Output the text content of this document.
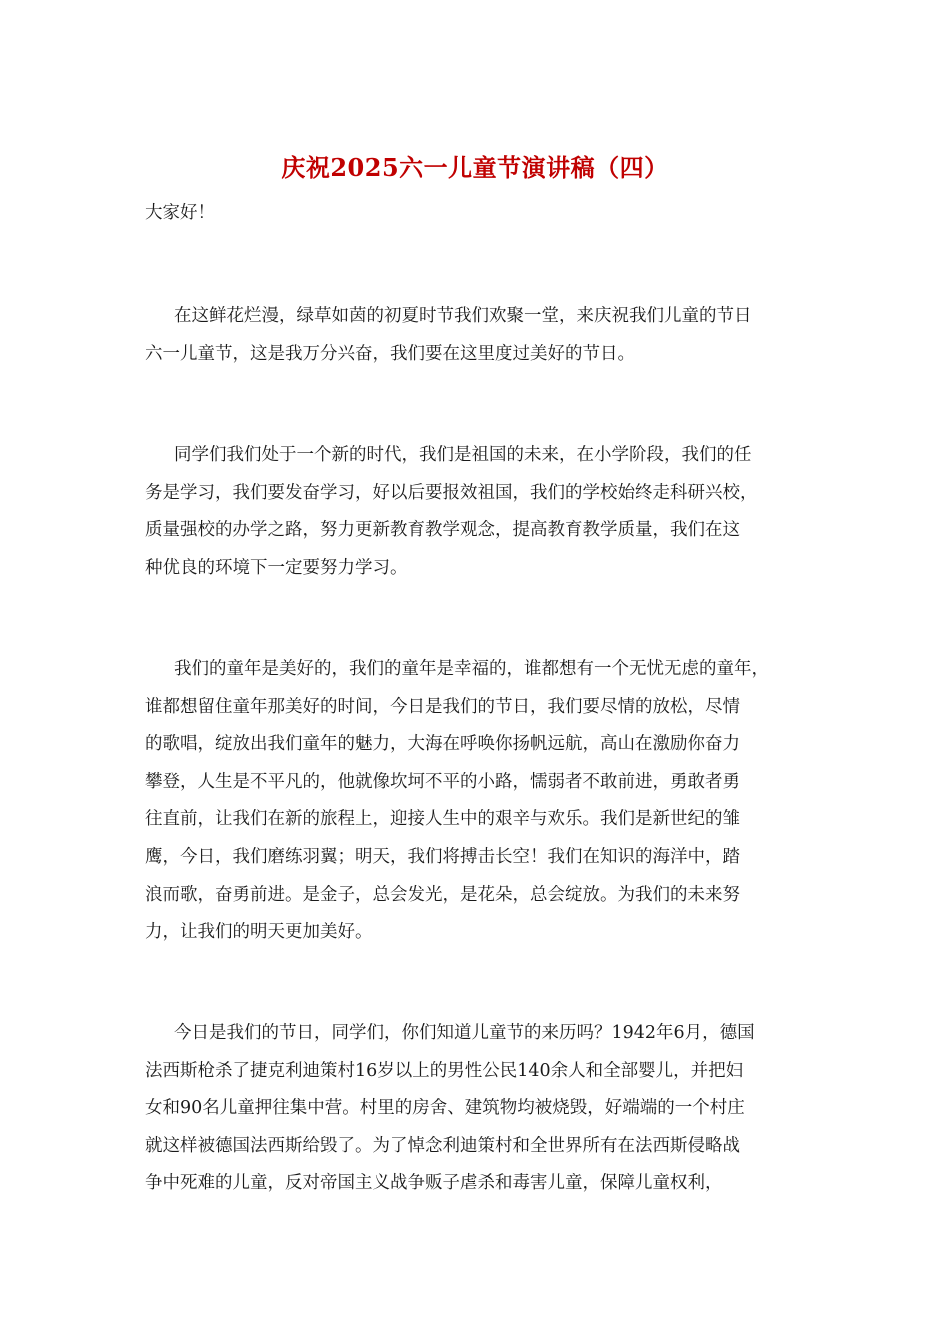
庆祝2025六一儿童节演讲稿（四）
大家好！
在这鲜花烂漫，绿草如茵的初夏时节我们欢聚一堂，来庆祝我们儿童的节日
六一儿童节，这是我万分兴奋，我们要在这里度过美好的节日。
同学们我们处于一个新的时代，我们是祖国的未来，在小学阶段，我们的任
务是学习，我们要发奋学习，好以后要报效祖国，我们的学校始终走科研兴校，
质量强校的办学之路，努力更新教育教学观念，提高教育教学质量，我们在这
种优良的环境下一定要努力学习。
我们的童年是美好的，我们的童年是幸福的，谁都想有一个无忧无虑的童年，
谁都想留住童年那美好的时间，今日是我们的节日，我们要尽情的放松，尽情
的歌唱，绽放出我们童年的魅力，大海在呼唤你扬帆远航，高山在激励你奋力
攀登，人生是不平凡的，他就像坎坷不平的小路，懦弱者不敢前进，勇敢者勇
往直前，让我们在新的旅程上，迎接人生中的艰辛与欢乐。我们是新世纪的雏
鹰，今日，我们磨练羽翼；明天，我们将搏击长空！我们在知识的海洋中，踏
浪而歌，奋勇前进。是金子，总会发光，是花朵，总会绽放。为我们的未来努
力，让我们的明天更加美好。
今日是我们的节日，同学们，你们知道儿童节的来历吗？1942年6月，德国
法西斯枪杀了捷克利迪策村16岁以上的男性公民140余人和全部婴儿，并把妇
女和90名儿童押往集中营。村里的房舍、建筑物均被烧毁，好端端的一个村庄
就这样被德国法西斯给毁了。为了悼念利迪策村和全世界所有在法西斯侵略战
争中死难的儿童，反对帝国主义战争贩子虐杀和毒害儿童，保障儿童权利，
